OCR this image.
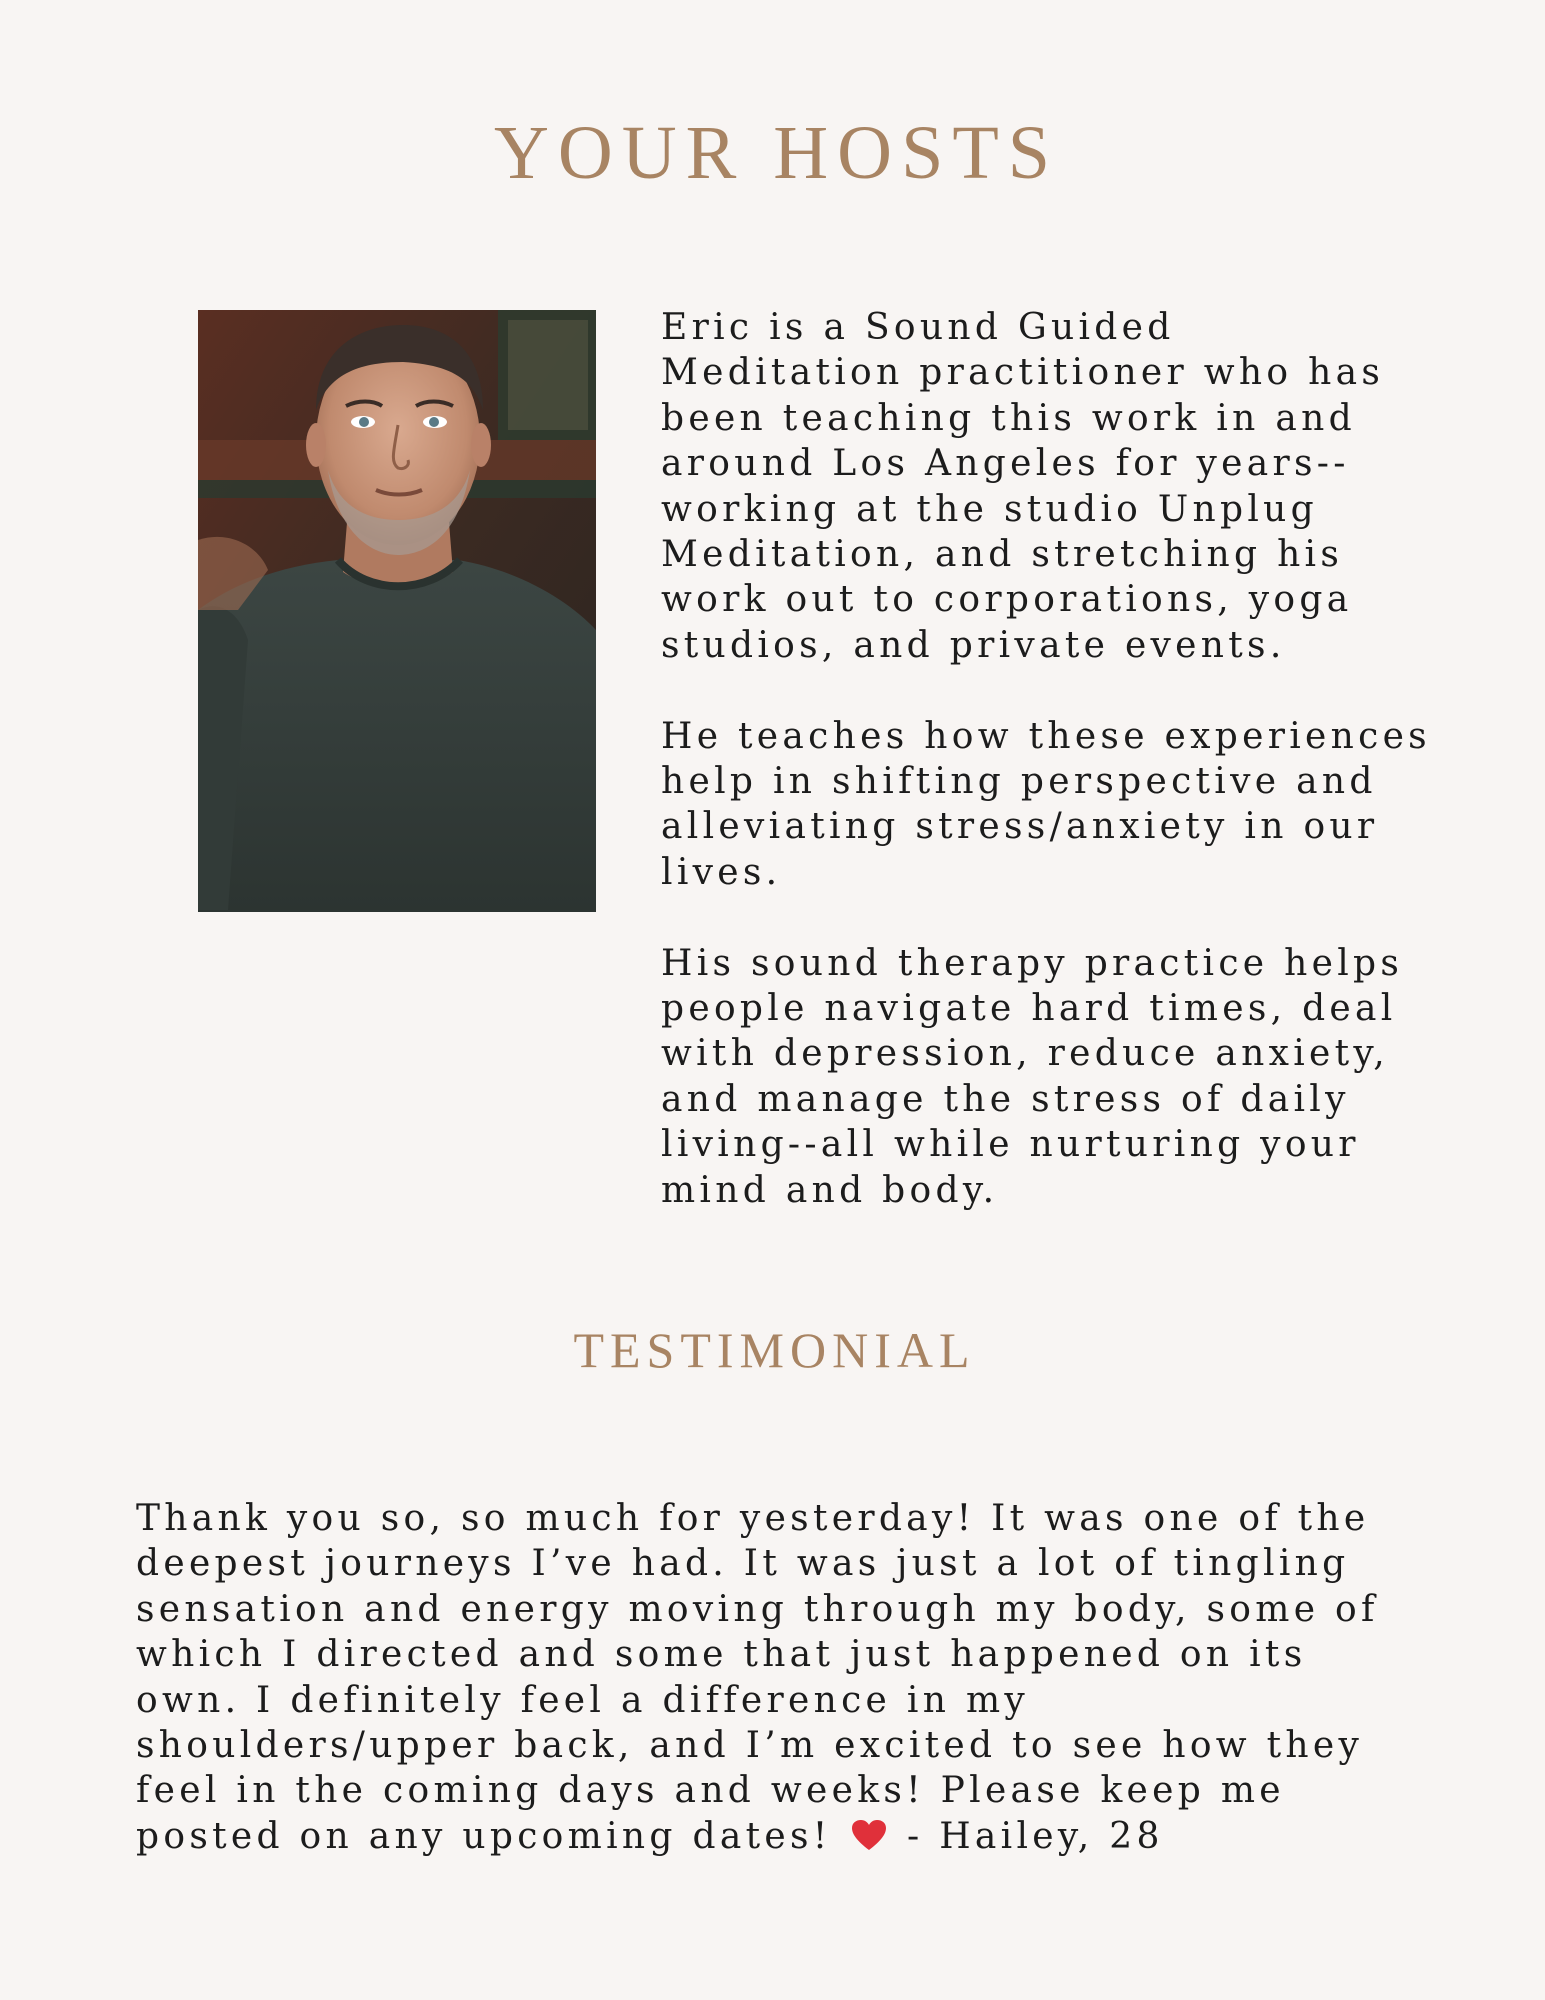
YOUR HOSTS
Eric is a Sound Guided
Meditation practitioner who has
been teaching this work in and
around Los Angeles for years--
working at the studio Unplug
Meditation, and stretching his
work out to corporations, yoga
studios, and private events.
He teaches how these experiences
help in shifting perspective and
alleviating stress/anxiety in our
lives.
His sound therapy practice helps
people navigate hard times, deal
with depression, reduce anxiety,
and manage the stress of daily
living--all while nurturing your
mind and body.
TESTIMONIAL
Thank you so, so much for yesterday! It was one of the
deepest journeys I’ve had. It was just a lot of tingling
sensation and energy moving through my body, some of
which I directed and some that just happened on its
own. I definitely feel a difference in my
shoulders/upper back, and I’m excited to see how they
feel in the coming days and weeks! Please keep me
posted on any upcoming dates! - Hailey, 28
